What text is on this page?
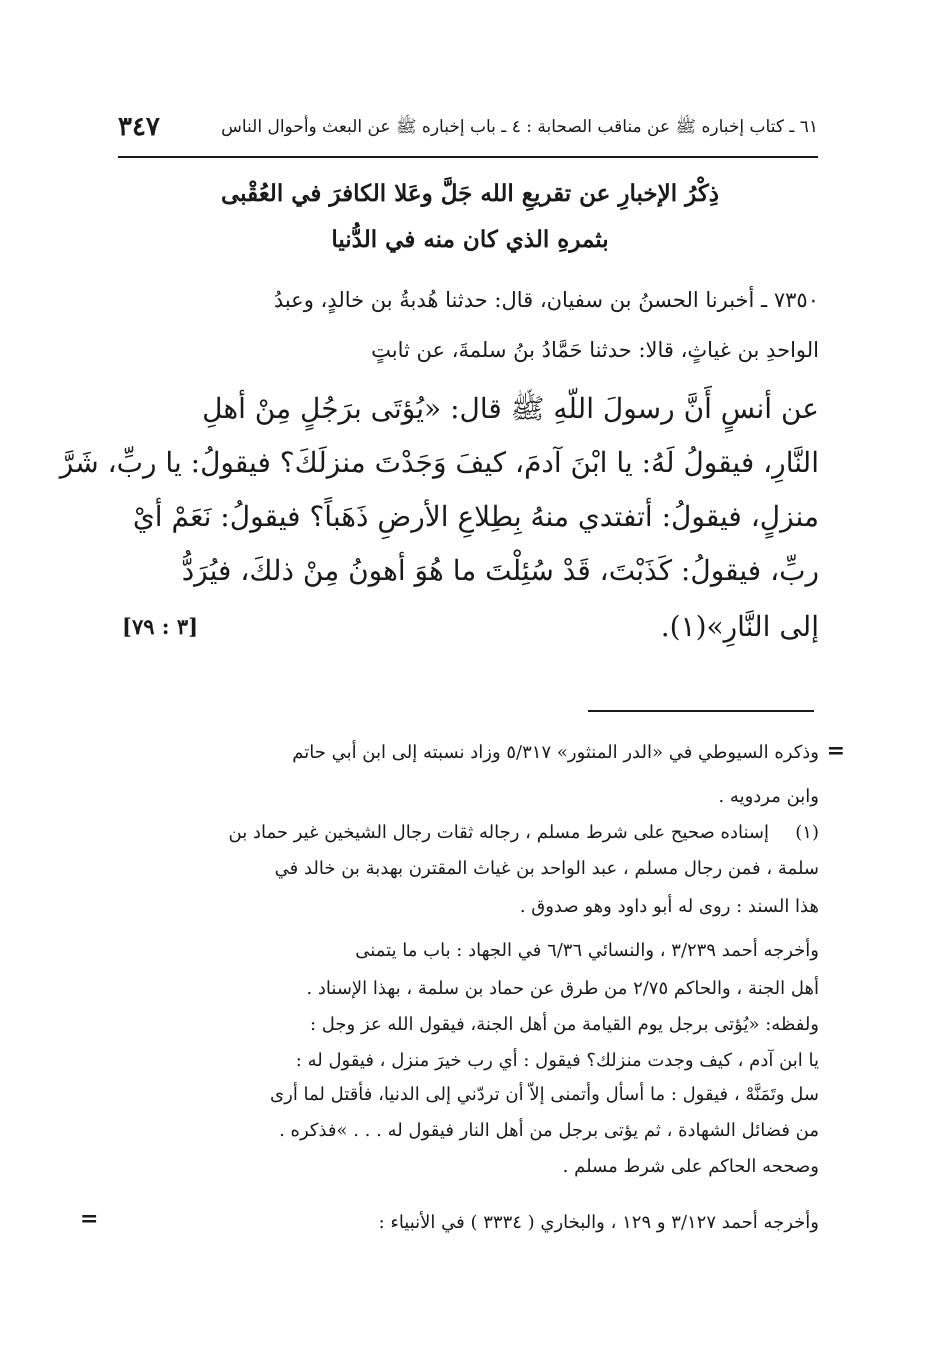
٣٤٧	٦١ ـ كتاب إخباره ﷺ عن مناقب الصحابة : ٤ ـ باب إخباره ﷺ عن البعث وأحوال الناس
ذِكْرُ الإخبارِ عن تقريعِ الله جَلَّ وعَلا الكافرَ في العُقْبى
بثمرهِ الذي كان منه في الدُّنيا
٧٣٥٠ ـ أخبرنا الحسنُ بن سفيان، قال: حدثنا هُدبةُ بن خالدٍ، وعبدُ
الواحدِ بن غياثٍ، قالا: حدثنا حَمَّادُ بنُ سلمةَ، عن ثابتٍ
عن أنسٍ أَنَّ رسولَ اللّهِ ﷺ قال: «يُؤتَى برَجُلٍ مِنْ أهلِ
النَّارِ، فيقولُ لَهُ: يا ابْنَ آدمَ، كيفَ وَجَدْتَ منزلَكَ؟ فيقولُ: يا ربِّ، شَرَّ
منزلٍ، فيقولُ: أتفتدي منهُ بِطِلاعِ الأرضِ ذَهَباً؟ فيقولُ: نَعَمْ أيْ
ربِّ، فيقولُ: كَذَبْتَ، قَدْ سُئِلْتَ ما هُوَ أهونُ مِنْ ذلكَ، فيُرَدُّ
إلى النَّارِ»(١).
[٣ : ٧٩]
=
وذكره السيوطي في «الدر المنثور» ٥/٣١٧ وزاد نسبته إلى ابن أبي حاتم
وابن مردويه .
(١)
إسناده صحيح على شرط مسلم ، رجاله ثقات رجال الشيخين غير حماد بن
سلمة ، فمن رجال مسلم ، عبد الواحد بن غياث المقترن بهدبة بن خالد في
هذا السند : روى له أبو داود وهو صدوق .
وأخرجه أحمد ٣/٢٣٩ ، والنسائي ٦/٣٦ في الجهاد : باب ما يتمنى
أهل الجنة ، والحاكم ٢/٧٥ من طرق عن حماد بن سلمة ، بهذا الإسناد .
ولفظه: «يُؤتى برجل يوم القيامة من أهل الجنة، فيقول الله عز وجل :
يا ابن آدم ، كيف وجدت منزلك؟ فيقول : أي رب خيرَ منزل ، فيقول له :
سل وتَمَنَّهْ ، فيقول : ما أسأل وأتمنى إلاّ أن تردّني إلى الدنيا، فأقتل لما أرى
من فضائل الشهادة ، ثم يؤتى برجل من أهل النار فيقول له . . . »فذكره .
وصححه الحاكم على شرط مسلم .
وأخرجه أحمد ٣/١٢٧ و ١٢٩ ، والبخاري ( ٣٣٣٤ ) في الأنبياء :
=
